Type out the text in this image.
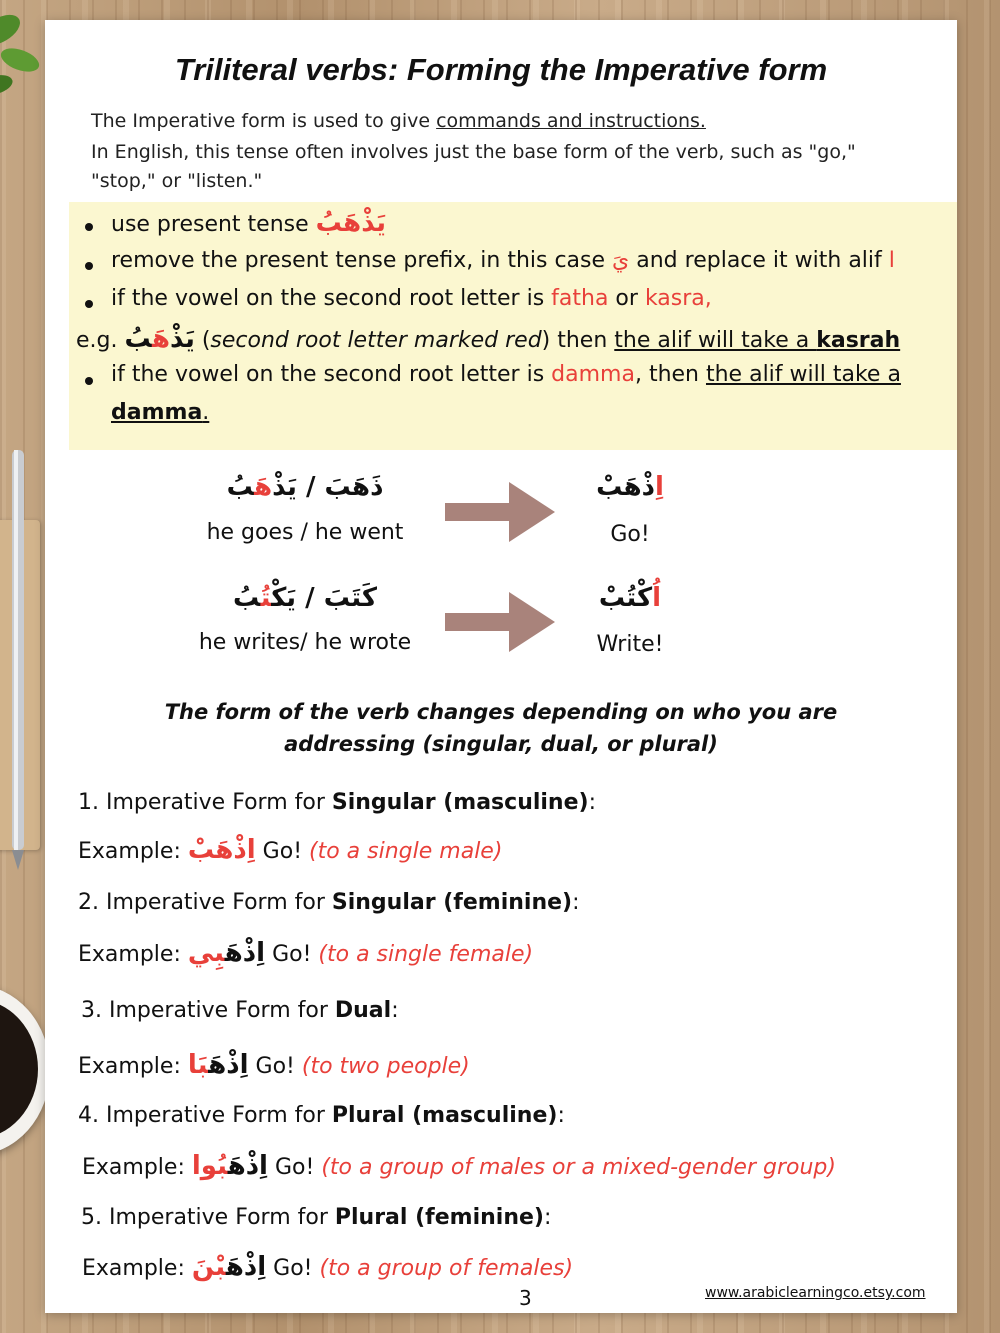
Triliteral verbs: Forming the Imperative form
The Imperative form is used to give commands and instructions.
In English, this tense often involves just the base form of the verb, such as "go,"
"stop," or "listen."
use present tense يَذْهَبُ
remove the present tense prefix, in this case يَ and replace it with alif ا
if the vowel on the second root letter is fatha or kasra,
e.g. يَذْهَبُ (second root letter marked red) then the alif will take a kasrah
if the vowel on the second root letter is damma, then the alif will take a
damma.
ذَهَبَ / يَذْهَبُ
he goes / he went
اِذْهَبْ
Go!
كَتَبَ / يَكْتُبُ
he writes/ he wrote
اُكْتُبْ
Write!
The form of the verb changes depending on who you are
addressing (singular, dual, or plural)
1. Imperative Form for Singular (masculine):
Example: اِذْهَبْ Go! (to a single male)
2. Imperative Form for Singular (feminine):
Example: اِذْهَبِي Go! (to a single female)
3. Imperative Form for Dual:
Example: اِذْهَبَا Go! (to two people)
4. Imperative Form for Plural (masculine):
Example: اِذْهَبُوا Go! (to a group of males or a mixed-gender group)
5. Imperative Form for Plural (feminine):
Example: اِذْهَبْنَ Go! (to a group of females)
3	www.arabiclearningco.etsy.com
